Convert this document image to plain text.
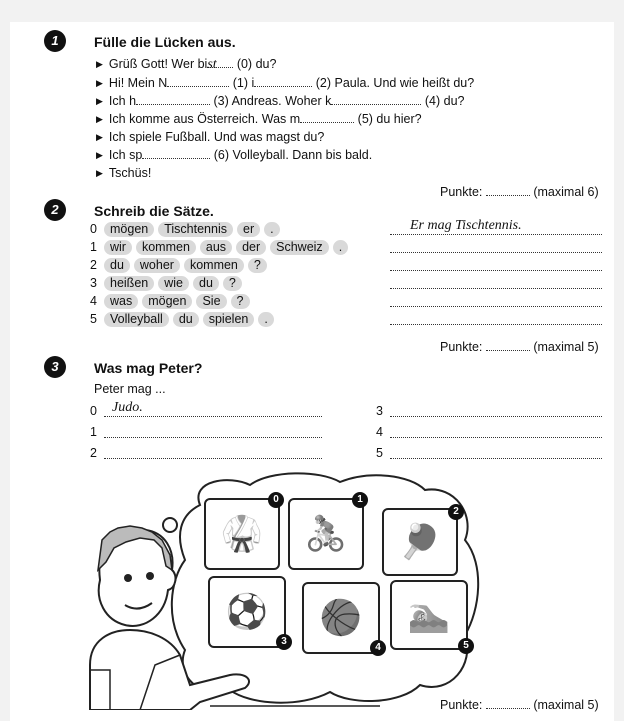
1	Fülle die Lücken aus.
▶ Grüß Gott! Wer bist (0) du?
▶ Hi! Mein N	(1) i	(2) Paula. Und wie heißt du?
▶ Ich h	(3) Andreas. Woher k	(4) du?
▶ Ich komme aus Österreich. Was m	(5) du hier?
▶ Ich spiele Fußball. Und was magst du?
▶ Ich sp	(6) Volleyball. Dann bis bald.
▶ Tschüs!
Punkte:	(maximal 6)
2	Schreib die Sätze.
0 mögen Tischtennis er .	Er mag Tischtennis.
1 wir kommen aus der Schweiz .
2 du woher kommen ?
3 heißen wie du ?
4 was mögen Sie ?
5 Volleyball du spielen .
Punkte:	(maximal 5)
3	Was mag Peter?
Peter mag ...
0 Judo.
1
2
3
4
5
🥋
0
🚴
1
🏓
2
⚽
3
🏀
4
🏊
5
Punkte:	(maximal 5)
